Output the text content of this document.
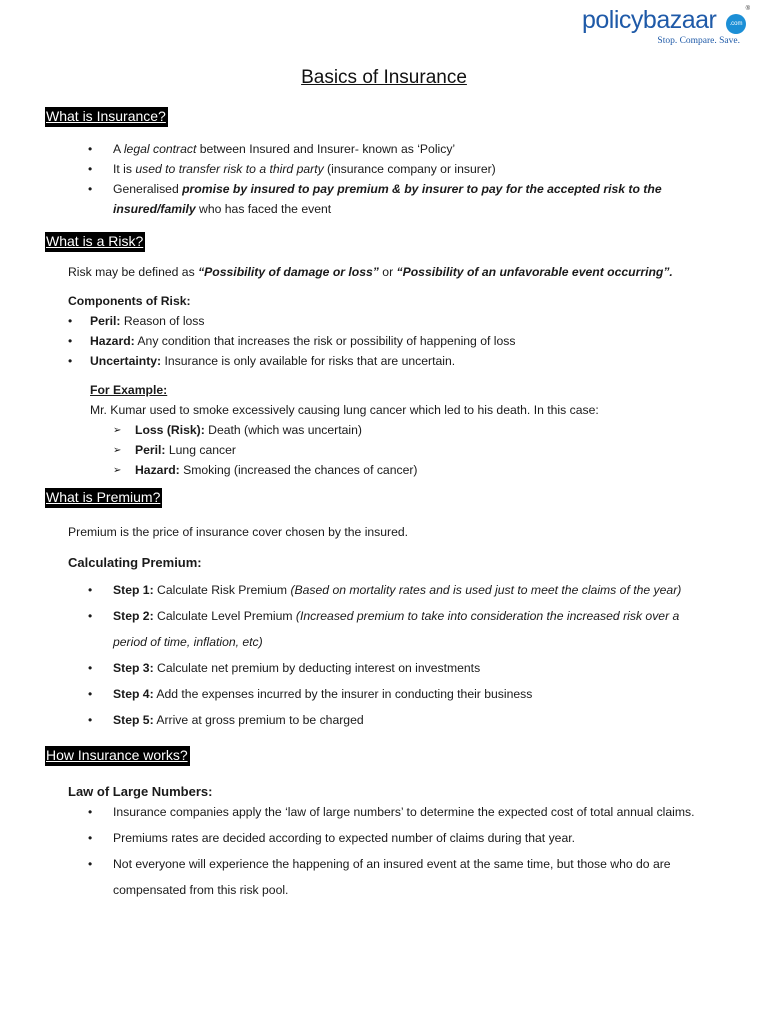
policybazaar	.com
®
Stop. Compare. Save.
Basics of Insurance
What is Insurance?
• A legal contract between Insured and Insurer- known as ‘Policy’
• It is used to transfer risk to a third party (insurance company or insurer)
• Generalised promise by insured to pay premium & by insurer to pay for the accepted risk to the
insured/family who has faced the event
What is a Risk?
Risk may be defined as “Possibility of damage or loss” or “Possibility of an unfavorable event occurring”.
Components of Risk:
• Peril: Reason of loss
• Hazard: Any condition that increases the risk or possibility of happening of loss
• Uncertainty: Insurance is only available for risks that are uncertain.
For Example:
Mr. Kumar used to smoke excessively causing lung cancer which led to his death. In this case:
➢ Loss (Risk): Death (which was uncertain)
➢ Peril: Lung cancer
➢ Hazard: Smoking (increased the chances of cancer)
What is Premium?
Premium is the price of insurance cover chosen by the insured.
Calculating Premium:
• Step 1: Calculate Risk Premium (Based on mortality rates and is used just to meet the claims of the year)
• Step 2: Calculate Level Premium (Increased premium to take into consideration the increased risk over a
period of time, inflation, etc)
• Step 3: Calculate net premium by deducting interest on investments
• Step 4: Add the expenses incurred by the insurer in conducting their business
• Step 5: Arrive at gross premium to be charged
How Insurance works?
Law of Large Numbers:
• Insurance companies apply the ‘law of large numbers’ to determine the expected cost of total annual claims.
• Premiums rates are decided according to expected number of claims during that year.
• Not everyone will experience the happening of an insured event at the same time, but those who do are
compensated from this risk pool.
